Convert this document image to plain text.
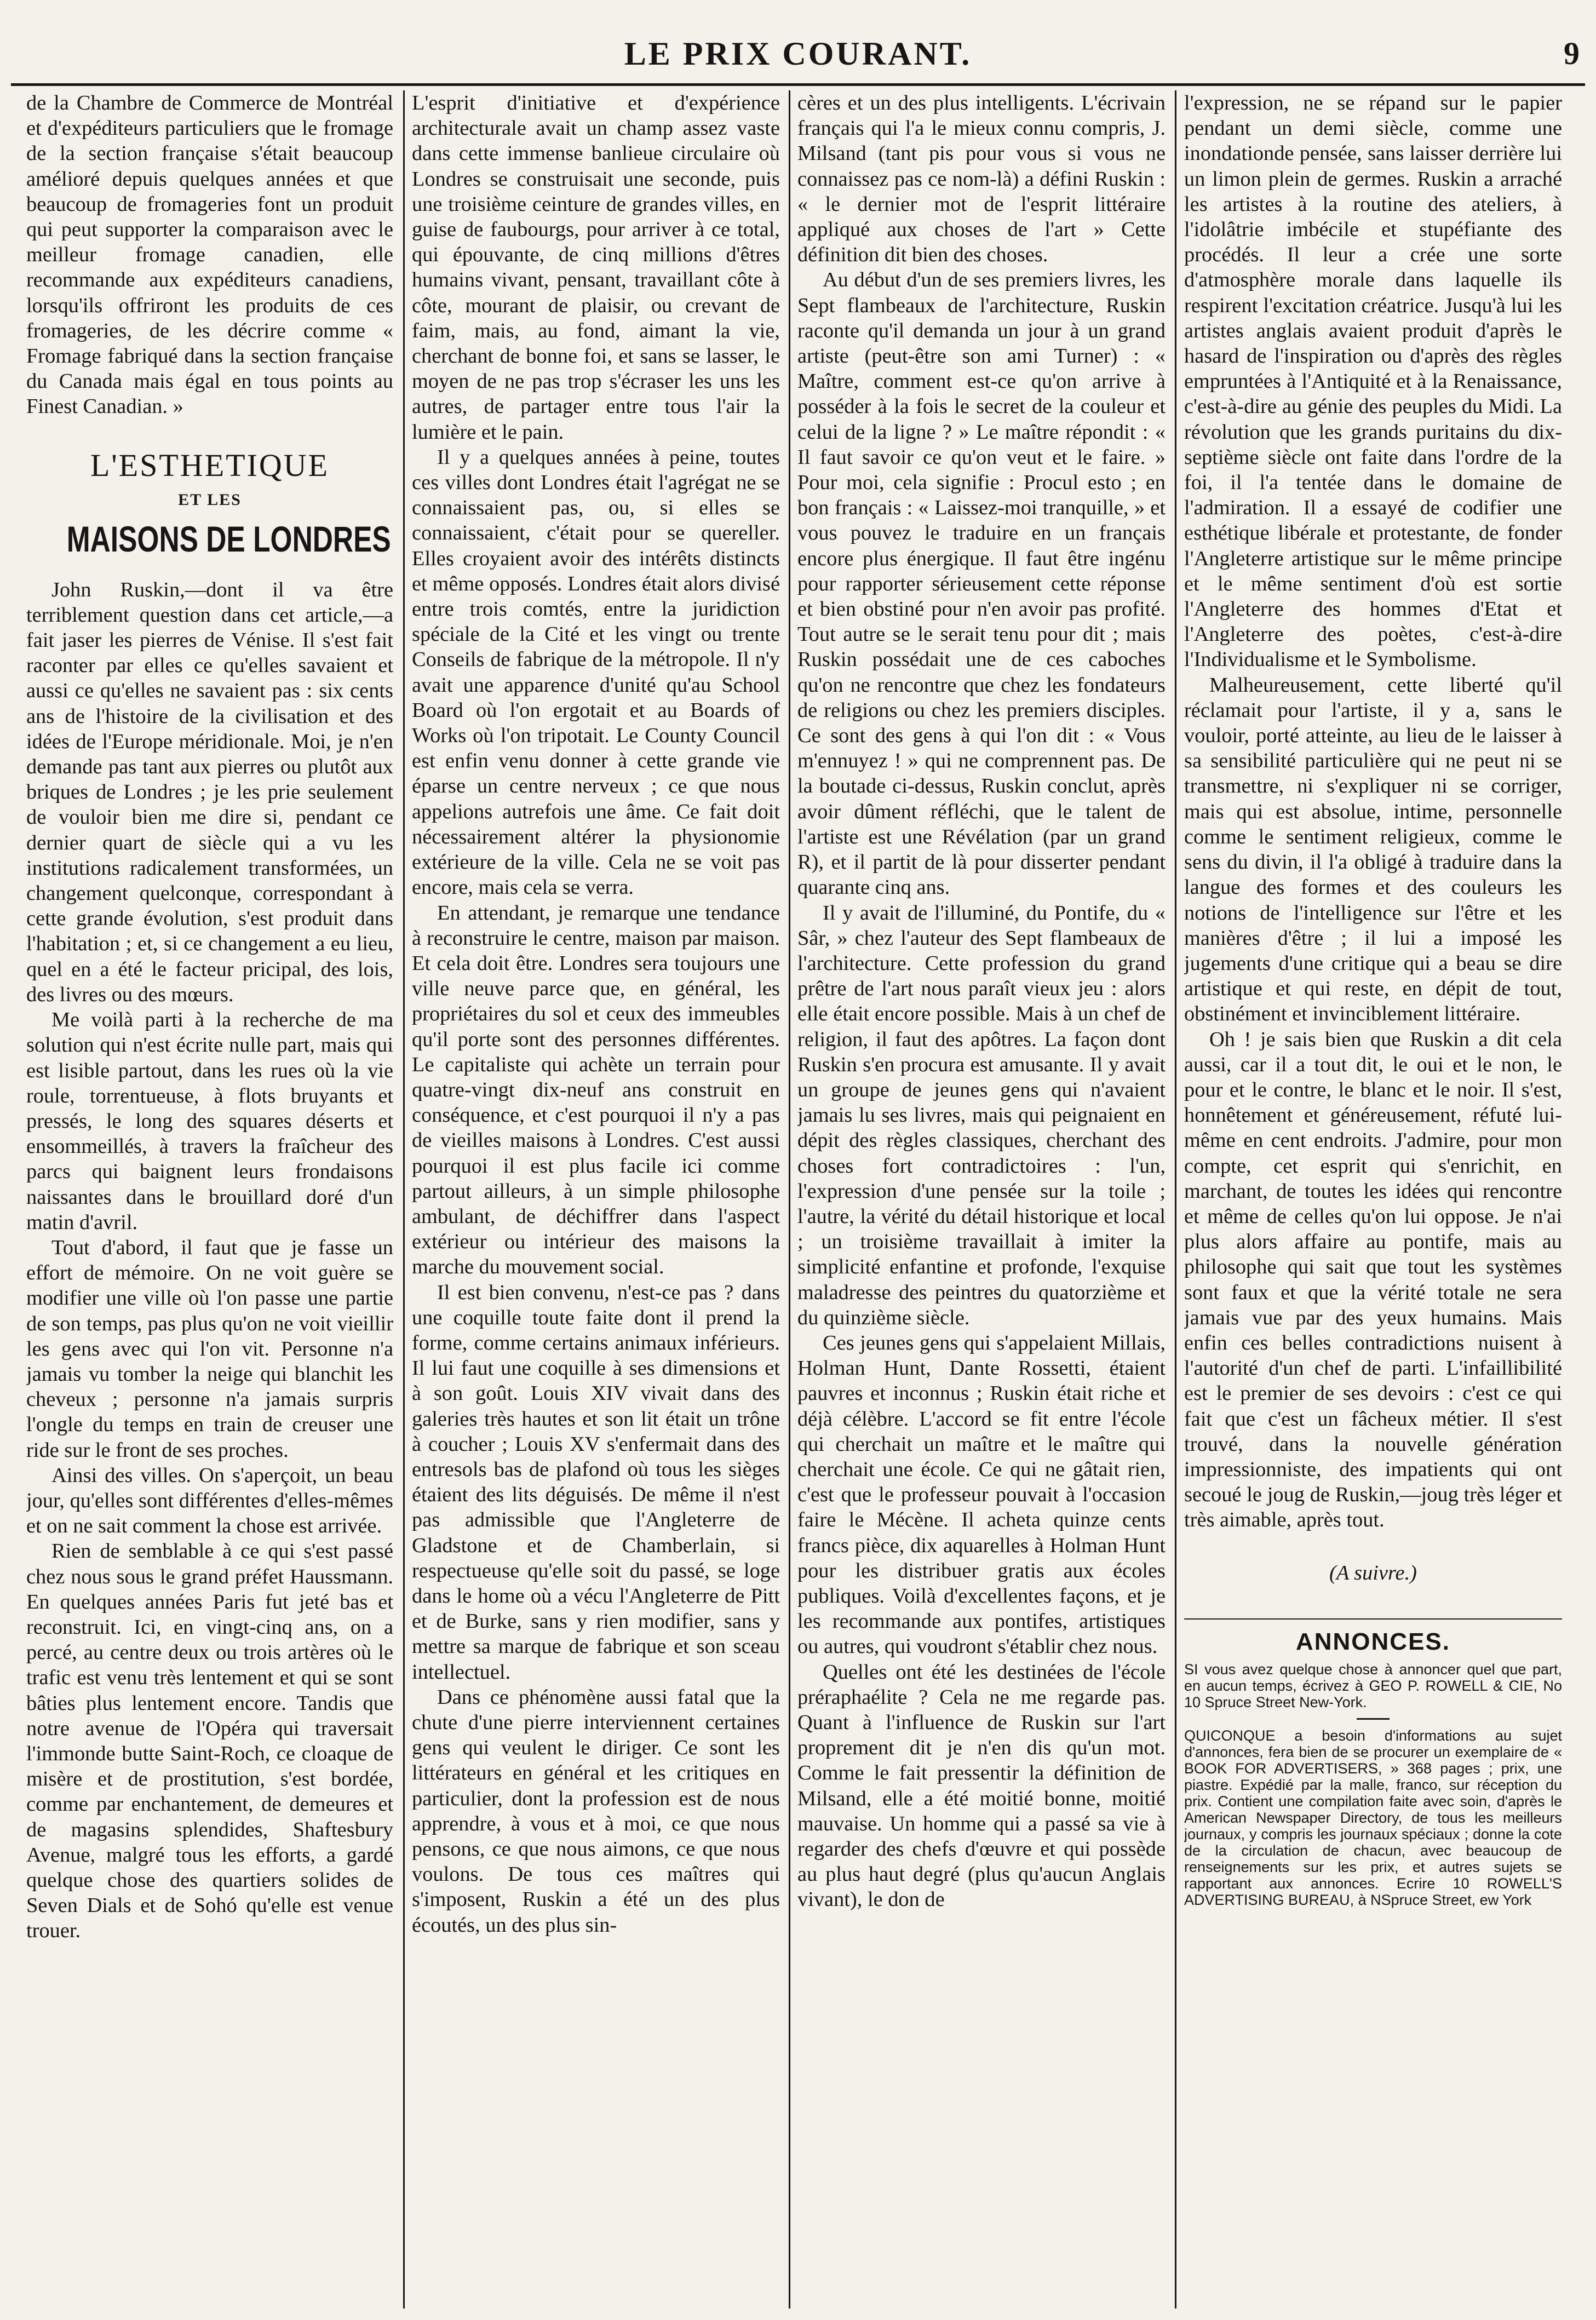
LE PRIX COURANT.	9

de la Chambre de Commerce de Montréal et d'expéditeurs particuliers que le fromage de la section française s'était beaucoup amélioré depuis quelques années et que beaucoup de fromageries font un produit qui peut supporter la comparaison avec le meilleur fromage canadien, elle recommande aux expéditeurs canadiens, lorsqu'ils offriront les produits de ces fromageries, de les décrire comme « Fromage fabriqué dans la section française du Canada mais égal en tous points au Finest Canadian. »

L'ESTHETIQUE
ET LES
MAISONS DE LONDRES

John Ruskin,—dont il va être terriblement question dans cet article,—a fait jaser les pierres de Vénise. Il s'est fait raconter par elles ce qu'elles savaient et aussi ce qu'elles ne savaient pas : six cents ans de l'histoire de la civilisation et des idées de l'Europe méridionale. Moi, je n'en demande pas tant aux pierres ou plutôt aux briques de Londres ; je les prie seulement de vouloir bien me dire si, pendant ce dernier quart de siècle qui a vu les institutions radicalement transformées, un changement quelconque, correspondant à cette grande évolution, s'est produit dans l'habitation ; et, si ce changement a eu lieu, quel en a été le facteur pricipal, des lois, des livres ou des mœurs.

Me voilà parti à la recherche de ma solution qui n'est écrite nulle part, mais qui est lisible partout, dans les rues où la vie roule, torrentueuse, à flots bruyants et pressés, le long des squares déserts et ensommeillés, à travers la fraîcheur des parcs qui baignent leurs frondaisons naissantes dans le brouillard doré d'un matin d'avril.

Tout d'abord, il faut que je fasse un effort de mémoire. On ne voit guère se modifier une ville où l'on passe une partie de son temps, pas plus qu'on ne voit vieillir les gens avec qui l'on vit. Personne n'a jamais vu tomber la neige qui blanchit les cheveux ; personne n'a jamais surpris l'ongle du temps en train de creuser une ride sur le front de ses proches.

Ainsi des villes. On s'aperçoit, un beau jour, qu'elles sont différentes d'elles-mêmes et on ne sait comment la chose est arrivée.

Rien de semblable à ce qui s'est passé chez nous sous le grand préfet Haussmann. En quelques années Paris fut jeté bas et reconstruit. Ici, en vingt-cinq ans, on a percé, au centre deux ou trois artères où le trafic est venu très lentement et qui se sont bâties plus lentement encore. Tandis que notre avenue de l'Opéra qui traversait l'immonde butte Saint-Roch, ce cloaque de misère et de prostitution, s'est bordée, comme par enchantement, de demeures et de magasins splendides, Shaftesbury Avenue, malgré tous les efforts, a gardé quelque chose des quartiers solides de Seven Dials et de Sohó qu'elle est venue trouer.

L'esprit d'initiative et d'expérience architecturale avait un champ assez vaste dans cette immense banlieue circulaire où Londres se construisait une seconde, puis une troisième ceinture de grandes villes, en guise de faubourgs, pour arriver à ce total, qui épouvante, de cinq millions d'êtres humains vivant, pensant, travaillant côte à côte, mourant de plaisir, ou crevant de faim, mais, au fond, aimant la vie, cherchant de bonne foi, et sans se lasser, le moyen de ne pas trop s'écraser les uns les autres, de partager entre tous l'air la lumière et le pain.

Il y a quelques années à peine, toutes ces villes dont Londres était l'agrégat ne se connaissaient pas, ou, si elles se connaissaient, c'était pour se quereller. Elles croyaient avoir des intérêts distincts et même opposés. Londres était alors divisé entre trois comtés, entre la juridiction spéciale de la Cité et les vingt ou trente Conseils de fabrique de la métropole. Il n'y avait une apparence d'unité qu'au School Board où l'on ergotait et au Boards of Works où l'on tripotait. Le County Council est enfin venu donner à cette grande vie éparse un centre nerveux ; ce que nous appelions autrefois une âme. Ce fait doit nécessairement altérer la physionomie extérieure de la ville. Cela ne se voit pas encore, mais cela se verra.

En attendant, je remarque une tendance à reconstruire le centre, maison par maison. Et cela doit être. Londres sera toujours une ville neuve parce que, en général, les propriétaires du sol et ceux des immeubles qu'il porte sont des personnes différentes. Le capitaliste qui achète un terrain pour quatre-vingt dix-neuf ans construit en conséquence, et c'est pourquoi il n'y a pas de vieilles maisons à Londres. C'est aussi pourquoi il est plus facile ici comme partout ailleurs, à un simple philosophe ambulant, de déchiffrer dans l'aspect extérieur ou intérieur des maisons la marche du mouvement social.

Il est bien convenu, n'est-ce pas ? dans une coquille toute faite dont il prend la forme, comme certains animaux inférieurs. Il lui faut une coquille à ses dimensions et à son goût. Louis XIV vivait dans des galeries très hautes et son lit était un trône à coucher ; Louis XV s'enfermait dans des entresols bas de plafond où tous les sièges étaient des lits déguisés. De même il n'est pas admissible que l'Angleterre de Gladstone et de Chamberlain, si respectueuse qu'elle soit du passé, se loge dans le home où a vécu l'Angleterre de Pitt et de Burke, sans y rien modifier, sans y mettre sa marque de fabrique et son sceau intellectuel.

Dans ce phénomène aussi fatal que la chute d'une pierre interviennent certaines gens qui veulent le diriger. Ce sont les littérateurs en général et les critiques en particulier, dont la profession est de nous apprendre, à vous et à moi, ce que nous pensons, ce que nous aimons, ce que nous voulons. De tous ces maîtres qui s'imposent, Ruskin a été un des plus écoutés, un des plus sin-

cères et un des plus intelligents. L'écrivain français qui l'a le mieux connu compris, J. Milsand (tant pis pour vous si vous ne connaissez pas ce nom-là) a défini Ruskin : « le dernier mot de l'esprit littéraire appliqué aux choses de l'art » Cette définition dit bien des choses.

Au début d'un de ses premiers livres, les Sept flambeaux de l'architecture, Ruskin raconte qu'il demanda un jour à un grand artiste (peut-être son ami Turner) : « Maître, comment est-ce qu'on arrive à posséder à la fois le secret de la couleur et celui de la ligne ? » Le maître répondit : « Il faut savoir ce qu'on veut et le faire. » Pour moi, cela signifie : Procul esto ; en bon français : « Laissez-moi tranquille, » et vous pouvez le traduire en un français encore plus énergique. Il faut être ingénu pour rapporter sérieusement cette réponse et bien obstiné pour n'en avoir pas profité. Tout autre se le serait tenu pour dit ; mais Ruskin possédait une de ces caboches qu'on ne rencontre que chez les fondateurs de religions ou chez les premiers disciples. Ce sont des gens à qui l'on dit : « Vous m'ennuyez ! » qui ne comprennent pas. De la boutade ci-dessus, Ruskin conclut, après avoir dûment réfléchi, que le talent de l'artiste est une Révélation (par un grand R), et il partit de là pour disserter pendant quarante cinq ans.

Il y avait de l'illuminé, du Pontife, du « Sâr, » chez l'auteur des Sept flambeaux de l'architecture. Cette profession du grand prêtre de l'art nous paraît vieux jeu : alors elle était encore possible. Mais à un chef de religion, il faut des apôtres. La façon dont Ruskin s'en procura est amusante. Il y avait un groupe de jeunes gens qui n'avaient jamais lu ses livres, mais qui peignaient en dépit des règles classiques, cherchant des choses fort contradictoires : l'un, l'expression d'une pensée sur la toile ; l'autre, la vérité du détail historique et local ; un troisième travaillait à imiter la simplicité enfantine et profonde, l'exquise maladresse des peintres du quatorzième et du quinzième siècle.

Ces jeunes gens qui s'appelaient Millais, Holman Hunt, Dante Rossetti, étaient pauvres et inconnus ; Ruskin était riche et déjà célèbre. L'accord se fit entre l'école qui cherchait un maître et le maître qui cherchait une école. Ce qui ne gâtait rien, c'est que le professeur pouvait à l'occasion faire le Mécène. Il acheta quinze cents francs pièce, dix aquarelles à Holman Hunt pour les distribuer gratis aux écoles publiques. Voilà d'excellentes façons, et je les recommande aux pontifes, artistiques ou autres, qui voudront s'établir chez nous.

Quelles ont été les destinées de l'école préraphaélite ? Cela ne me regarde pas. Quant à l'influence de Ruskin sur l'art proprement dit je n'en dis qu'un mot. Comme le fait pressentir la définition de Milsand, elle a été moitié bonne, moitié mauvaise. Un homme qui a passé sa vie à regarder des chefs d'œuvre et qui possède au plus haut degré (plus qu'aucun Anglais vivant), le don de

l'expression, ne se répand sur le papier pendant un demi siècle, comme une inondationde pensée, sans laisser derrière lui un limon plein de germes. Ruskin a arraché les artistes à la routine des ateliers, à l'idolâtrie imbécile et stupéfiante des procédés. Il leur a crée une sorte d'atmosphère morale dans laquelle ils respirent l'excitation créatrice. Jusqu'à lui les artistes anglais avaient produit d'après le hasard de l'inspiration ou d'après des règles empruntées à l'Antiquité et à la Renaissance, c'est-à-dire au génie des peuples du Midi. La révolution que les grands puritains du dix-septième siècle ont faite dans l'ordre de la foi, il l'a tentée dans le domaine de l'admiration. Il a essayé de codifier une esthétique libérale et protestante, de fonder l'Angleterre artistique sur le même principe et le même sentiment d'où est sortie l'Angleterre des hommes d'Etat et l'Angleterre des poètes, c'est-à-dire l'Individualisme et le Symbolisme.

Malheureusement, cette liberté qu'il réclamait pour l'artiste, il y a, sans le vouloir, porté atteinte, au lieu de le laisser à sa sensibilité particulière qui ne peut ni se transmettre, ni s'expliquer ni se corriger, mais qui est absolue, intime, personnelle comme le sentiment religieux, comme le sens du divin, il l'a obligé à traduire dans la langue des formes et des couleurs les notions de l'intelligence sur l'être et les manières d'être ; il lui a imposé les jugements d'une critique qui a beau se dire artistique et qui reste, en dépit de tout, obstinément et invinciblement littéraire.

Oh ! je sais bien que Ruskin a dit cela aussi, car il a tout dit, le oui et le non, le pour et le contre, le blanc et le noir. Il s'est, honnêtement et généreusement, réfuté lui-même en cent endroits. J'admire, pour mon compte, cet esprit qui s'enrichit, en marchant, de toutes les idées qui rencontre et même de celles qu'on lui oppose. Je n'ai plus alors affaire au pontife, mais au philosophe qui sait que tout les systèmes sont faux et que la vérité totale ne sera jamais vue par des yeux humains. Mais enfin ces belles contradictions nuisent à l'autorité d'un chef de parti. L'infaillibilité est le premier de ses devoirs : c'est ce qui fait que c'est un fâcheux métier. Il s'est trouvé, dans la nouvelle génération impressionniste, des impatients qui ont secoué le joug de Ruskin,—joug très léger et très aimable, après tout.

(A suivre.)
ANNONCES.
SI vous avez quelque chose à annoncer quel que part, en aucun temps, écrivez à GEO P. ROWELL & CIE, No 10 Spruce Street New-York.
QUICONQUE a besoin d'informations au sujet d'annonces, fera bien de se procurer un exemplaire de « BOOK FOR ADVERTISERS, » 368 pages ; prix, une piastre. Expédié par la malle, franco, sur réception du prix. Contient une compilation faite avec soin, d'après le American Newspaper Directory, de tous les meilleurs journaux, y compris les journaux spéciaux ; donne la cote de la circulation de chacun, avec beaucoup de renseignements sur les prix, et autres sujets se rapportant aux annonces. Ecrire 10 ROWELL'S ADVERTISING BUREAU, à NSpruce Street, ew York
